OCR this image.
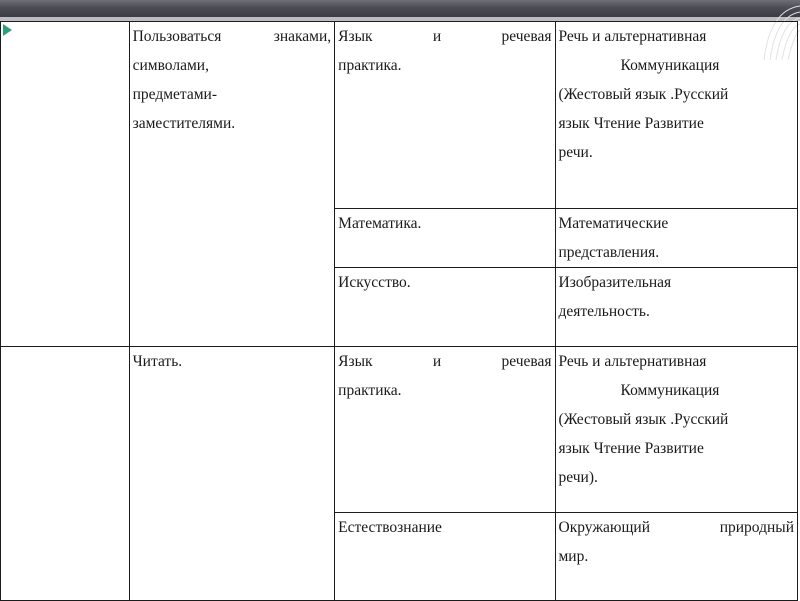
	Пользоваться знаками,
символами,
предметами-
заместителями.	Язык и речевая
практика.	Речь и альтернативная
Коммуникация
(Жестовый язык .Русский
язык Чтение Развитие
речи.

		Математика.	Математические
представления.

		Искусство.	Изобразительная
деятельность.

	Читать.	Язык и речевая
практика.	Речь и альтернативная
Коммуникация
(Жестовый язык .Русский
язык Чтение Развитие
речи).

		Естествознание	Окружающий природный
мир.
